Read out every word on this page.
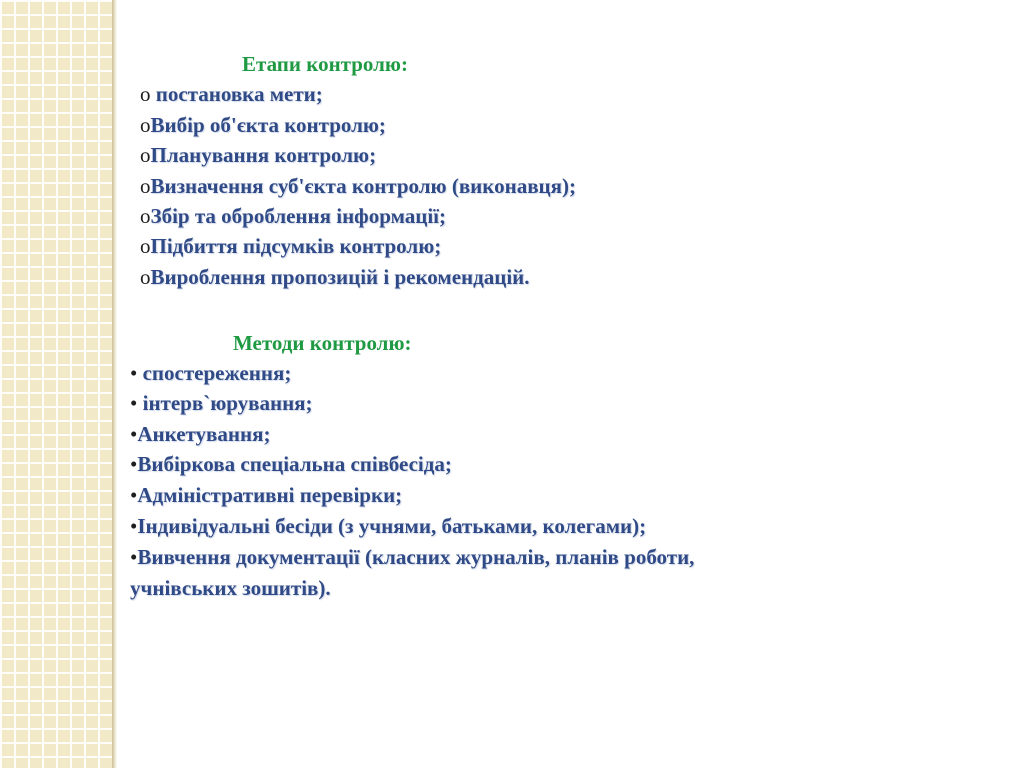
Етапи контролю:
o постановка мети;
oВибір об'єкта контролю;
oПланування контролю;
oВизначення суб'єкта контролю (виконавця);
oЗбір та оброблення інформації;
oПідбиття підсумків контролю;
oВироблення пропозицій і рекомендацій.
Методи контролю:
• спостереження;
• інтерв`юрування;
•Анкетування;
•Вибіркова спеціальна співбесіда;
•Адміністративні перевірки;
•Індивідуальні бесіди (з учнями, батьками, колегами);
•Вивчення документації (класних журналів, планів роботи,
учнівських зошитів).
